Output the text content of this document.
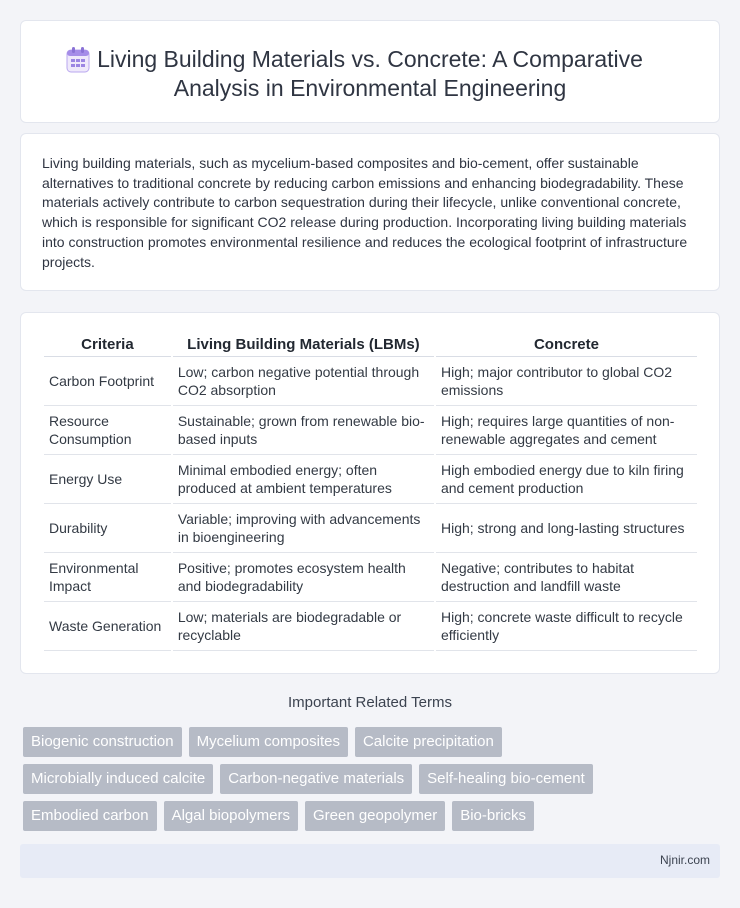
Living Building Materials vs. Concrete: A Comparative
Analysis in Environmental Engineering

Living building materials, such as mycelium-based composites and bio-cement, offer sustainable alternatives to traditional concrete by reducing carbon emissions and enhancing biodegradability. These materials actively contribute to carbon sequestration during their lifecycle, unlike conventional concrete, which is responsible for significant CO2 release during production. Incorporating living building materials into construction promotes environmental resilience and reduces the ecological footprint of infrastructure projects.

Criteria	Living Building Materials (LBMs)	Concrete
Carbon Footprint	Low; carbon negative potential through CO2 absorption	High; major contributor to global CO2 emissions
Resource Consumption	Sustainable; grown from renewable bio-based inputs	High; requires large quantities of non-renewable aggregates and cement
Energy Use	Minimal embodied energy; often produced at ambient temperatures	High embodied energy due to kiln firing and cement production
Durability	Variable; improving with advancements in bioengineering	High; strong and long-lasting structures
Environmental Impact	Positive; promotes ecosystem health and biodegradability	Negative; contributes to habitat destruction and landfill waste
Waste Generation	Low; materials are biodegradable or recyclable	High; concrete waste difficult to recycle efficiently
Important Related Terms
Biogenic construction	Mycelium composites	Calcite precipitation
Microbially induced calcite	Carbon-negative materials	Self-healing bio-cement
Embodied carbon	Algal biopolymers	Green geopolymer	Bio-bricks
Njnir.com
